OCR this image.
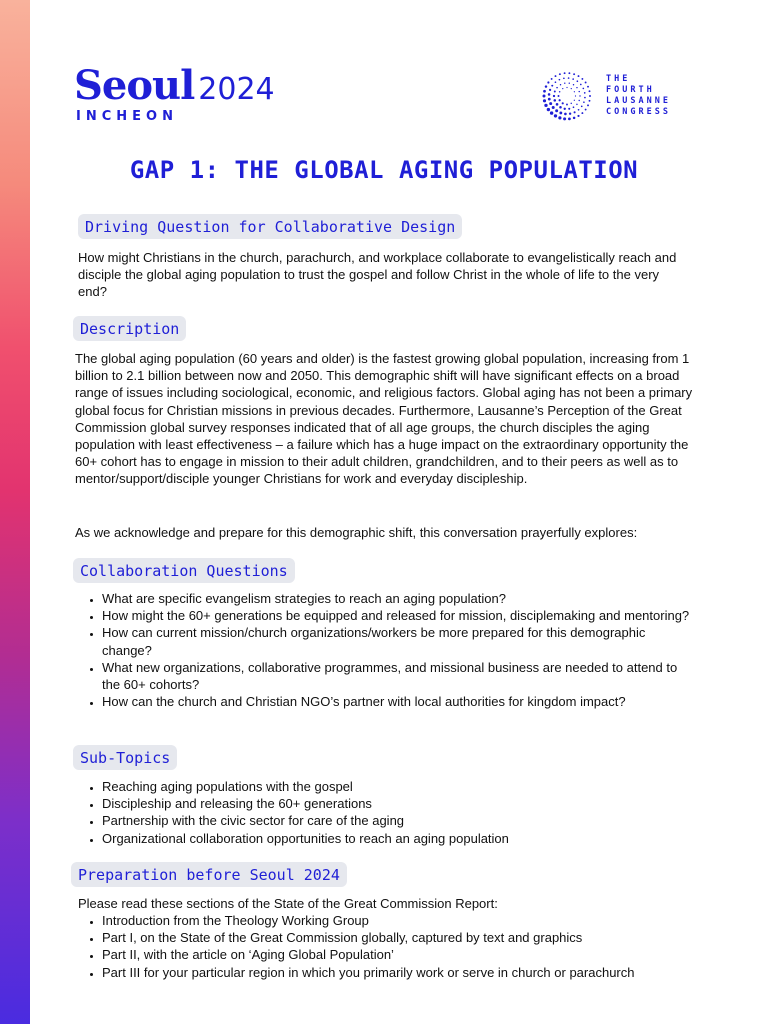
Seoul 2024
INCHEON
THE
FOURTH
LAUSANNE
CONGRESS
GAP 1: THE GLOBAL AGING POPULATION
Driving Question for Collaborative Design

How might Christians in the church, parachurch, and workplace collaborate to evangelistically reach and disciple the global aging population to trust the gospel and follow Christ in the whole of life to the very end?

Description

The global aging population (60 years and older) is the fastest growing global population, increasing from 1 billion to 2.1 billion between now and 2050. This demographic shift will have significant effects on a broad range of issues including sociological, economic, and religious factors. Global aging has not been a primary global focus for Christian missions in previous decades. Furthermore, Lausanne’s Perception of the Great Commission global survey responses indicated that of all age groups, the church disciples the aging population with least effectiveness – a failure which has a huge impact on the extraordinary opportunity the 60+ cohort has to engage in mission to their adult children, grandchildren, and to their peers as well as to mentor/support/disciple younger Christians for work and everyday discipleship.

As we acknowledge and prepare for this demographic shift, this conversation prayerfully explores:

Collaboration Questions
What are specific evangelism strategies to reach an aging population?
How might the 60+ generations be equipped and released for mission, disciplemaking and mentoring?
How can current mission/church organizations/workers be more prepared for this demographic change?
What new organizations, collaborative programmes, and missional business are needed to attend to the 60+ cohorts?
How can the church and Christian NGO’s partner with local authorities for kingdom impact?
Sub-Topics
Reaching aging populations with the gospel
Discipleship and releasing the 60+ generations
Partnership with the civic sector for care of the aging
Organizational collaboration opportunities to reach an aging population
Preparation before Seoul 2024

Please read these sections of the State of the Great Commission Report:

Introduction from the Theology Working Group
Part I, on the State of the Great Commission globally, captured by text and graphics
Part II, with the article on ‘Aging Global Population’
Part III for your particular region in which you primarily work or serve in church or parachurch
